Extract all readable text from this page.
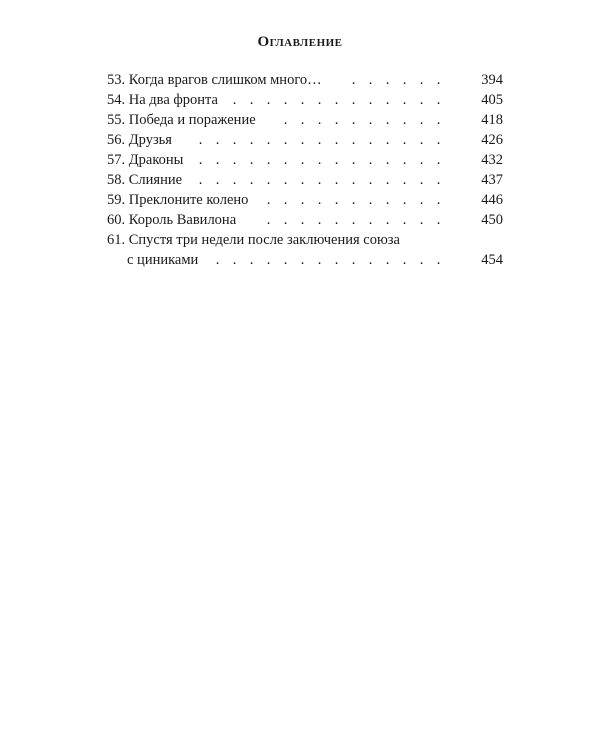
Оглавление
53. Когда врагов слишком много…	. . . . . .	394
54. На два фронта	. . . . . . . . . . . . .	405
55. Победа и поражение	. . . . . . . . . .	418
56. Друзья	. . . . . . . . . . . . . . .	426
57. Драконы	. . . . . . . . . . . . . . .	432
58. Слияние	. . . . . . . . . . . . . . .	437
59. Преклоните колено	. . . . . . . . . . .	446
60. Король Вавилона	. . . . . . . . . . .	450
61. Спустя три недели после заключения союза
с циниками	. . . . . . . . . . . . . .	454
